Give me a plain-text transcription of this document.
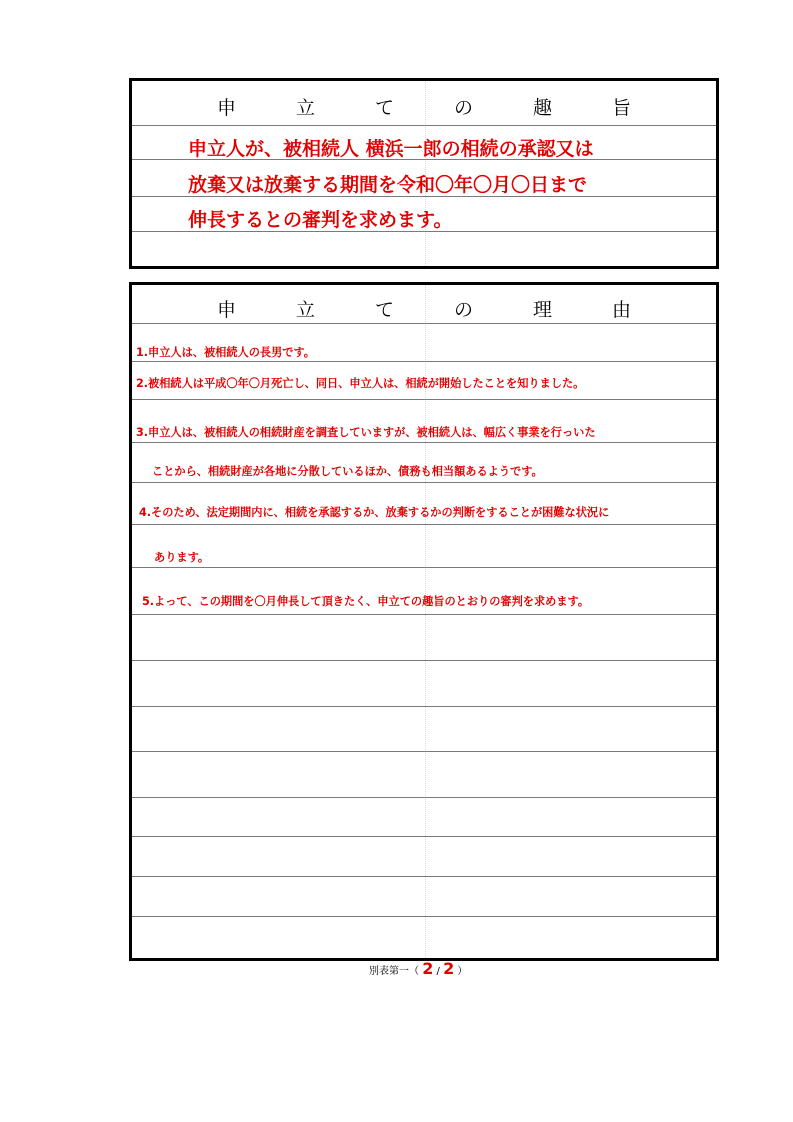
申	立	て	の	趣	旨
申立人が、被相続人 横浜一郎の相続の承認又は
放棄又は放棄する期間を令和〇年〇月〇日まで
伸長するとの審判を求めます。
申	立	て	の	理	由
1.申立人は、被相続人の長男です。
2.被相続人は平成〇年〇月死亡し、同日、申立人は、相続が開始したことを知りました。
3.申立人は、被相続人の相続財産を調査していますが、被相続人は、幅広く事業を行っいた
ことから、相続財産が各地に分散しているほか、債務も相当額あるようです。
4.そのため、法定期間内に、相続を承認するか、放棄するかの判断をすることが困難な状況に
あります。
5.よって、この期間を〇月伸長して頂きたく、申立ての趣旨のとおりの審判を求めます。
別表第一（ 2 / 2 ）
